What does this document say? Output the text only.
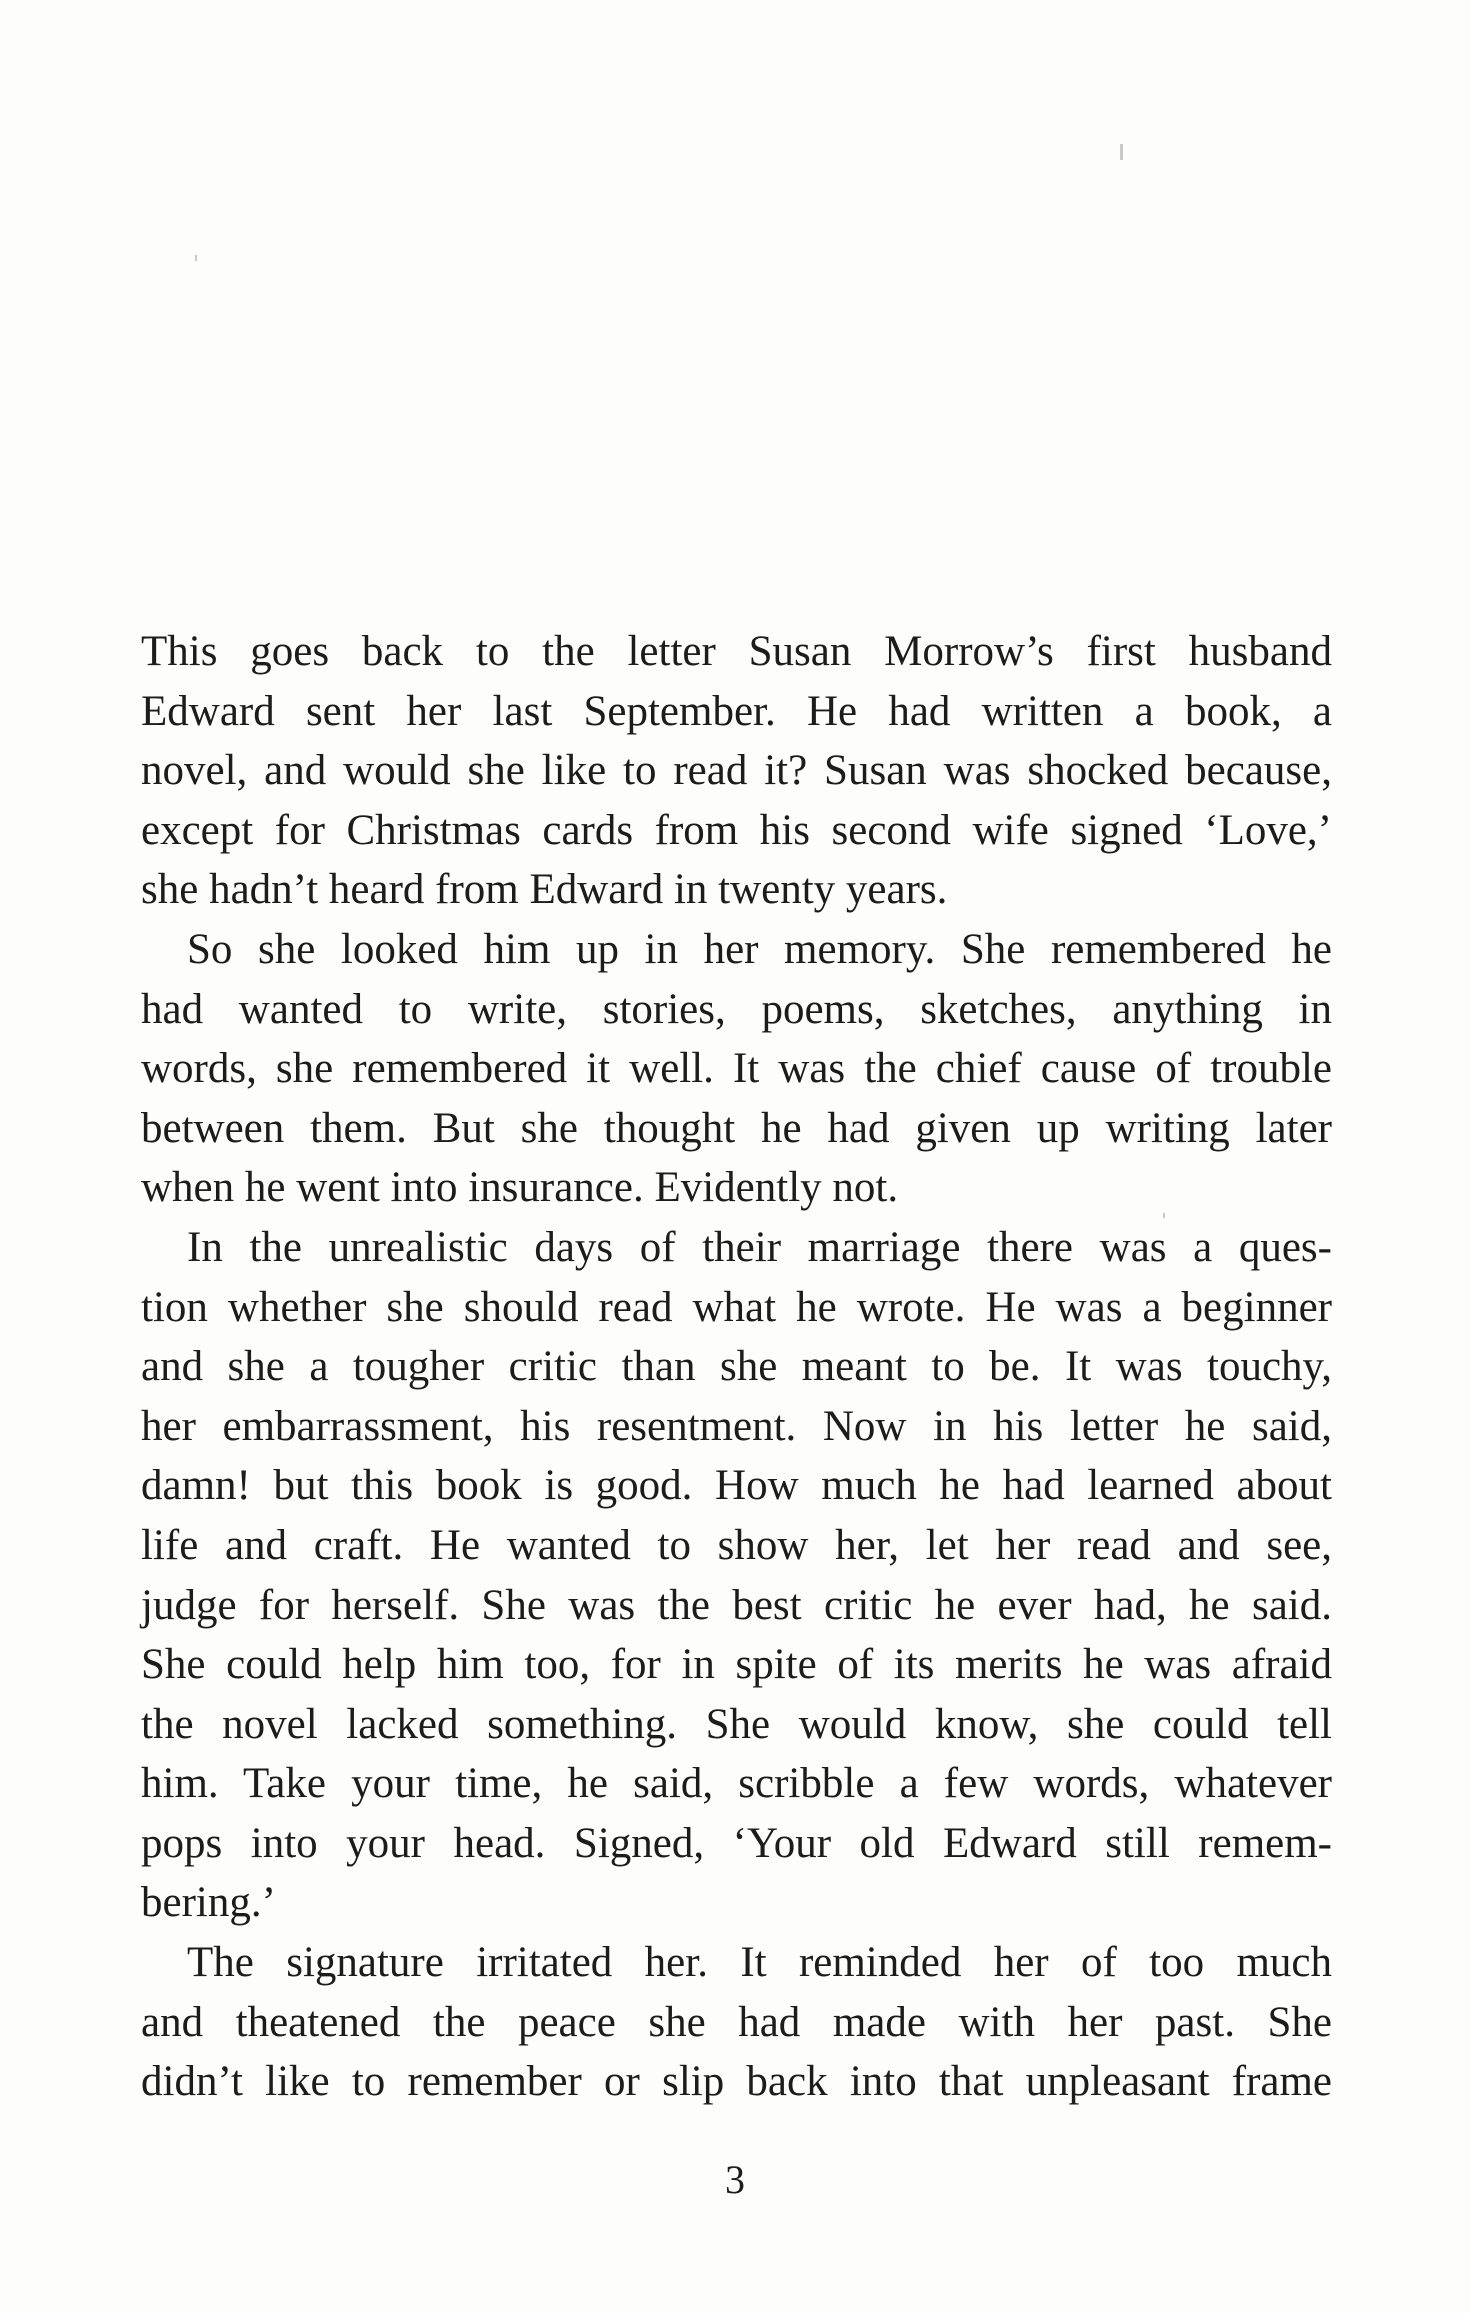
This goes back to the letter Susan Morrow’s first husband
Edward sent her last September. He had written a book, a
novel, and would she like to read it? Susan was shocked because,
except for Christmas cards from his second wife signed ‘Love,’
she hadn’t heard from Edward in twenty years.

So she looked him up in her memory. She remembered he
had wanted to write, stories, poems, sketches, anything in
words, she remembered it well. It was the chief cause of trouble
between them. But she thought he had given up writing later
when he went into insurance. Evidently not.

In the unrealistic days of their marriage there was a ques-
tion whether she should read what he wrote. He was a beginner
and she a tougher critic than she meant to be. It was touchy,
her embarrassment, his resentment. Now in his letter he said,
damn! but this book is good. How much he had learned about
life and craft. He wanted to show her, let her read and see,
judge for herself. She was the best critic he ever had, he said.
She could help him too, for in spite of its merits he was afraid
the novel lacked something. She would know, she could tell
him. Take your time, he said, scribble a few words, whatever
pops into your head. Signed, ‘Your old Edward still remem-
bering.’

The signature irritated her. It reminded her of too much
and theatened the peace she had made with her past. She
didn’t like to remember or slip back into that unpleasant frame

3
